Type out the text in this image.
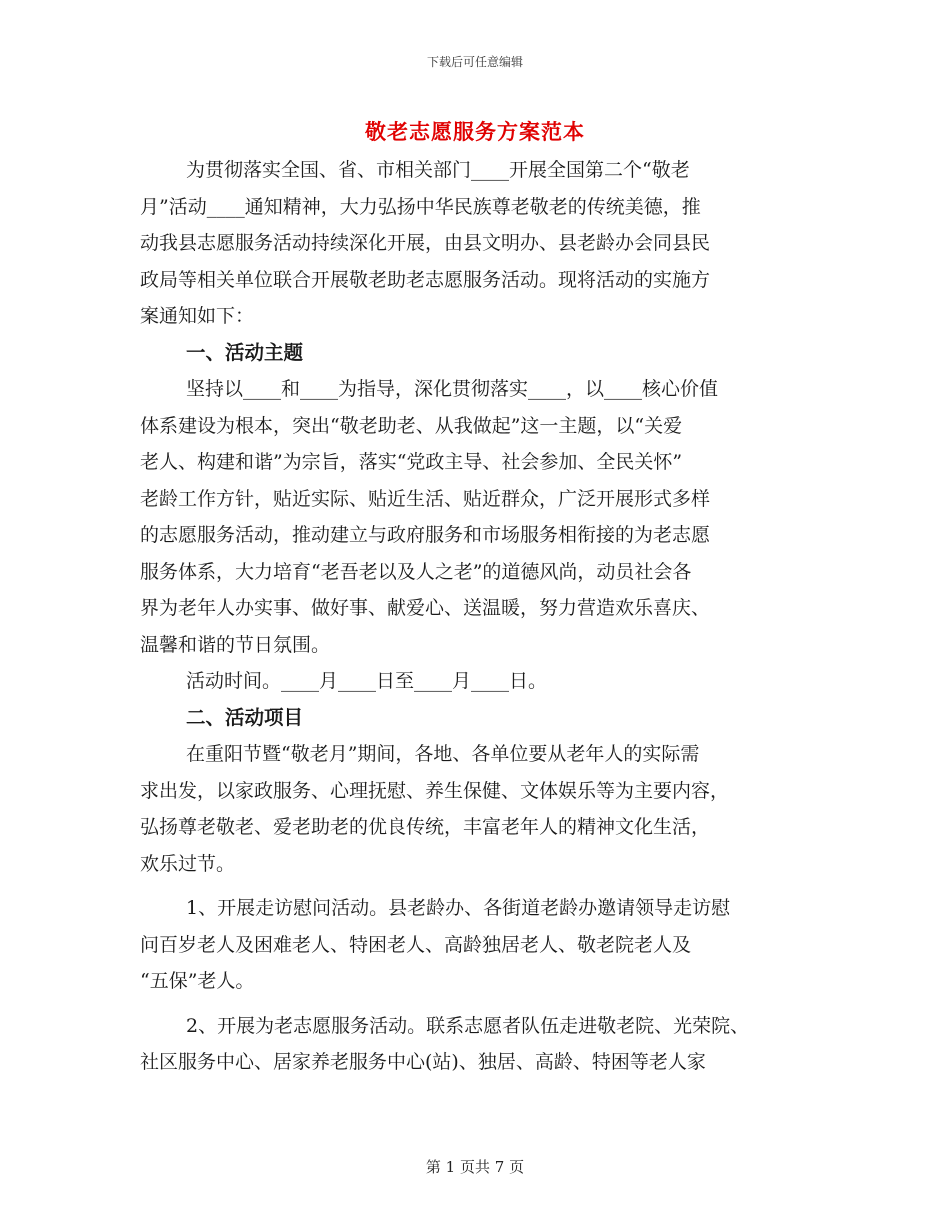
下载后可任意编辑
敬老志愿服务方案范本
为贯彻落实全国、省、市相关部门____开展全国第二个“敬老
月”活动____通知精神，大力弘扬中华民族尊老敬老的传统美德，推
动我县志愿服务活动持续深化开展，由县文明办、县老龄办会同县民
政局等相关单位联合开展敬老助老志愿服务活动。现将活动的实施方
案通知如下：
一、活动主题
坚持以____和____为指导，深化贯彻落实____，以____核心价值
体系建设为根本，突出“敬老助老、从我做起”这一主题，以“关爱
老人、构建和谐”为宗旨，落实“党政主导、社会参加、全民关怀”
老龄工作方针，贴近实际、贴近生活、贴近群众，广泛开展形式多样
的志愿服务活动，推动建立与政府服务和市场服务相衔接的为老志愿
服务体系，大力培育“老吾老以及人之老”的道德风尚，动员社会各
界为老年人办实事、做好事、献爱心、送温暖，努力营造欢乐喜庆、
温馨和谐的节日氛围。
活动时间。____月____日至____月____日。
二、活动项目
在重阳节暨“敬老月”期间，各地、各单位要从老年人的实际需
求出发，以家政服务、心理抚慰、养生保健、文体娱乐等为主要内容，
弘扬尊老敬老、爱老助老的优良传统，丰富老年人的精神文化生活，
欢乐过节。
1、开展走访慰问活动。县老龄办、各街道老龄办邀请领导走访慰
问百岁老人及困难老人、特困老人、高龄独居老人、敬老院老人及
“五保”老人。
2、开展为老志愿服务活动。联系志愿者队伍走进敬老院、光荣院、
社区服务中心、居家养老服务中心(站)、独居、高龄、特困等老人家
第 1 页共 7 页
